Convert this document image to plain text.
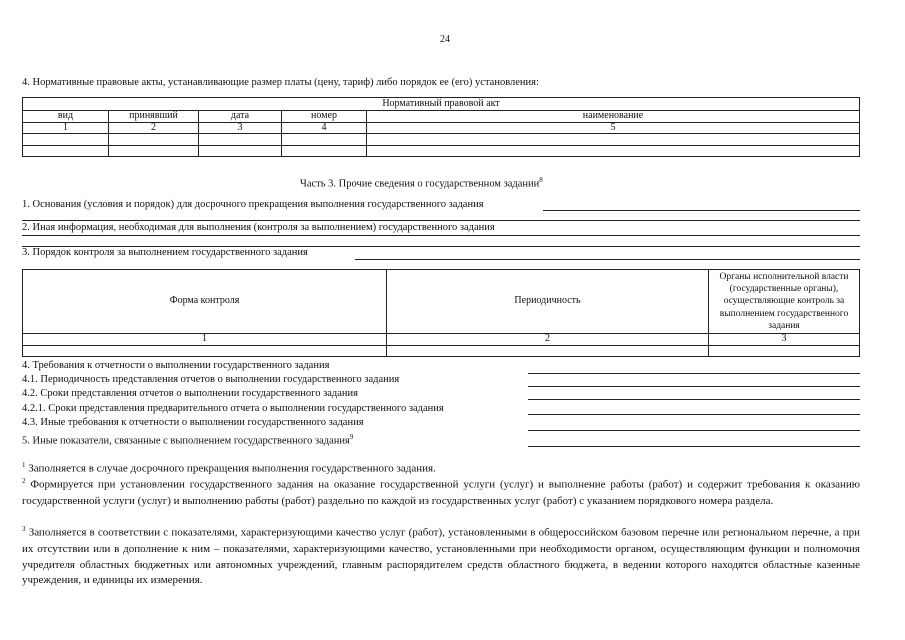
24
4. Нормативные правовые акты, устанавливающие размер платы (цену, тариф) либо порядок ее (его) установления:
Нормативный правовой акт				
вид	принявший	дата	номер	наименование
1	2	3	4	5

Часть 3. Прочие сведения о государственном задании$^8$
1. Основания (условия и порядок) для досрочного прекращения выполнения государственного задания
2. Иная информация, необходимая для выполнения (контроля за выполнением) государственного задания
3. Порядок контроля за выполнением государственного задания
Форма контроля	Периодичность	Органы исполнительной власти (государственные органы), осуществляющие контроль за выполнением государственного задания
1	2	3

4. Требования к отчетности о выполнении государственного задания
4.1. Периодичность представления отчетов о выполнении государственного задания
4.2. Сроки представления отчетов о выполнении государственного задания
4.2.1. Сроки представления предварительного отчета о выполнении государственного задания
4.3. Иные требования к отчетности о выполнении государственного задания
5. Иные показатели, связанные с выполнением государственного задания$^9$
$^1$ Заполняется в случае досрочного прекращения выполнения государственного задания.
$^2$ Формируется при установлении государственного задания на оказание государственной услуги (услуг) и выполнение работы (работ) и содержит требования к оказанию государственной услуги (услуг) и выполнению работы (работ) раздельно по каждой из государственных услуг (работ) с указанием порядкового номера раздела.
$^3$ Заполняется в соответствии с показателями, характеризующими качество услуг (работ), установленными в общероссийском базовом перечне или региональном перечне, а при их отсутствии или в дополнение к ним – показателями, характеризующими качество, установленными при необходимости органом, осуществляющим функции и полномочия учредителя областных бюджетных или автономных учреждений, главным распорядителем средств областного бюджета, в ведении которого находятся областные казенные учреждения, и единицы их измерения.
